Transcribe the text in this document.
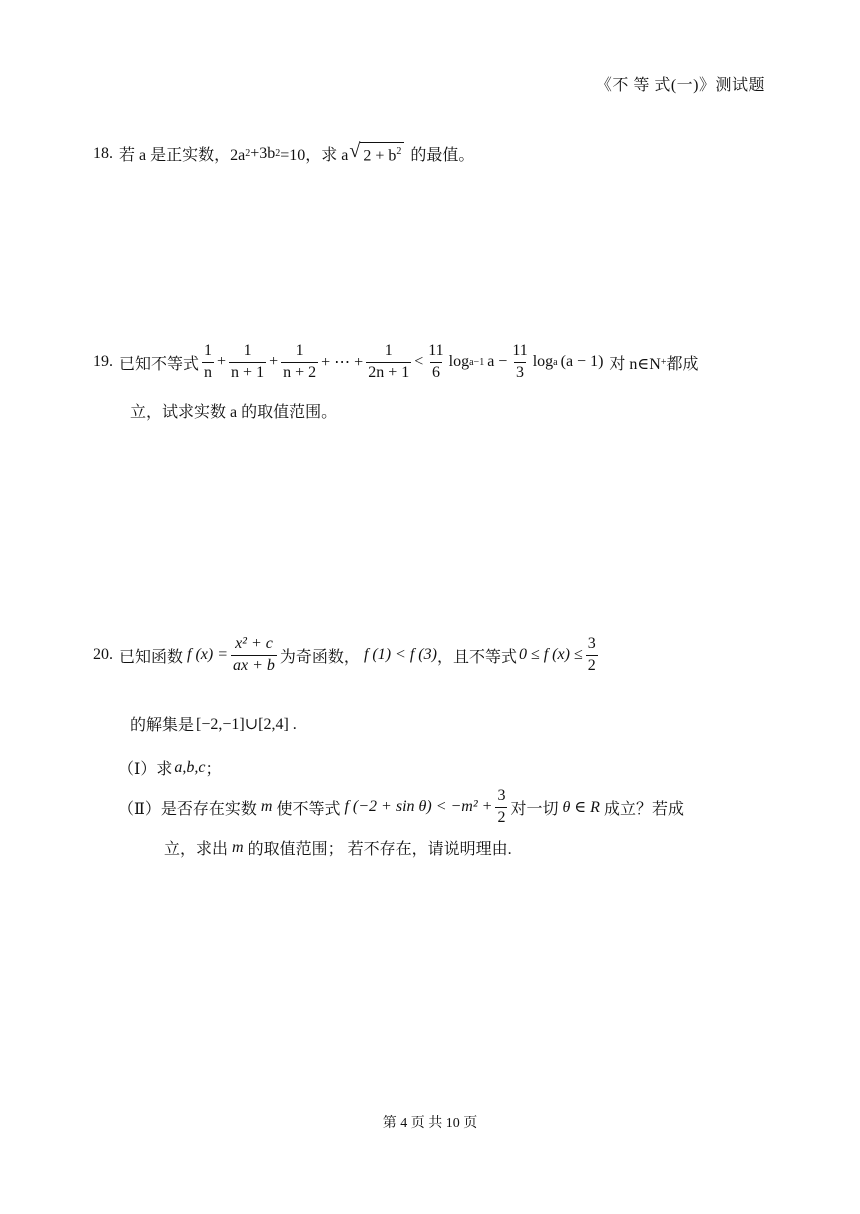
《不 等 式(一)》测试题
18. 若 a 是正实数，2a 2 +3b 2 =10，求 a √ $2 + b^2$ 的最值。
19. 已知不等式 $\frac{1}{n} + \frac{1}{n + 1} + \frac{1}{n + 2}$ + ⋯ + $\frac{1}{2n + 1} < \frac{11}{6}$ log a−1 $a - \frac{11}{3}$ log a (a − 1) 对 n∈N + 都成
立，试求实数 a 的取值范围。
20. 已知函数 f $(x) = \frac{\text{x² + c}}{ax + b}$ 为奇函数， f (1) < f (3) ，且不等式 0 ≤ f $(x) \le \frac{3}{2}$
的解集是 [−2,−1]∪[2,4] .
（Ⅰ）求 a,b,c ；
（Ⅱ）是否存在实数 m 使不等式 f $(-2 + \sin \theta) < -m^2 + \frac{3}{2}$ 对一切 θ ∈ R 成立？若成
立，求出 m 的取值范围； 若不存在，请说明理由.
第 4 页 共 10 页
